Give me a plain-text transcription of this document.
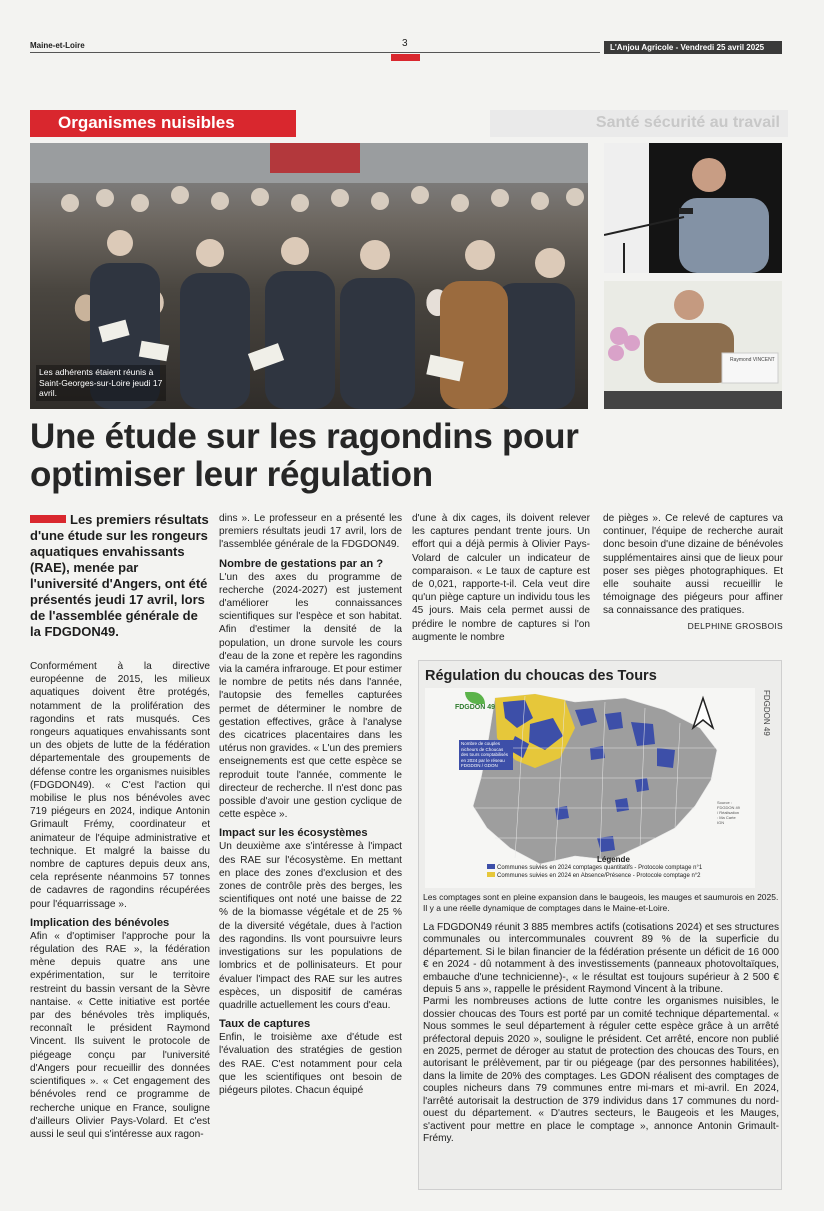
Maine-et-Loire	3	L'Anjou Agricole - Vendredi 25 avril 2025
Organismes nuisibles	Santé sécurité au travail
Les adhérents étaient réunis à Saint-Georges-sur-Loire jeudi 17 avril.
Raymond VINCENT
Une étude sur les ragondins pour optimiser leur régulation
Les premiers résultats d'une étude sur les rongeurs aquatiques envahissants (RAE), menée par l'université d'Angers, ont été présentés jeudi 17 avril, lors de l'assemblée générale de la FDGDON49.

Conformément à la directive européenne de 2015, les milieux aquatiques doivent être protégés, notamment de la prolifération des ragondins et rats musqués. Ces rongeurs aquatiques envahissants sont un des objets de lutte de la fédération départementale des groupements de défense contre les organismes nuisibles (FDGDON49). « C'est l'action qui mobilise le plus nos bénévoles avec 719 piégeurs en 2024, indique Antonin Grimault Frémy, coordinateur et animateur de l'équipe administrative et technique. Et malgré la baisse du nombre de captures depuis deux ans, cela représente néanmoins 57 tonnes de cadavres de ragondins récupérées pour l'équarrissage ».

Implication des bénévoles

Afin « d'optimiser l'approche pour la régulation des RAE », la fédération mène depuis quatre ans une expérimentation, sur le territoire restreint du bassin versant de la Sèvre nantaise. « Cette initiative est portée par des bénévoles très impliqués, reconnaît le président Raymond Vincent. Ils suivent le protocole de piégeage conçu par l'université d'Angers pour recueillir des données scientifiques ». « Cet engagement des bénévoles rend ce programme de recherche unique en France, souligne d'ailleurs Olivier Pays-Volard. Et c'est aussi le seul qui s'intéresse aux ragon-

dins ». Le professeur en a présenté les premiers résultats jeudi 17 avril, lors de l'assemblée générale de la FDGDON49.

Nombre de gestations par an ?

L'un des axes du programme de recherche (2024-2027) est justement d'améliorer les connaissances scientifiques sur l'espèce et son habitat. Afin d'estimer la densité de la population, un drone survole les cours d'eau de la zone et repère les ragondins via la caméra infrarouge. Et pour estimer le nombre de petits nés dans l'année, l'autopsie des femelles capturées permet de déterminer le nombre de gestation effectives, grâce à l'analyse des cicatrices placentaires dans les utérus non gravides. « L'un des premiers enseignements est que cette espèce se reproduit toute l'année, commente le directeur de recherche. Il n'est donc pas possible d'avoir une gestion cyclique de cette espèce ».

Impact sur les écosystèmes

Un deuxième axe s'intéresse à l'impact des RAE sur l'écosystème. En mettant en place des zones d'exclusion et des zones de contrôle près des berges, les scientifiques ont noté une baisse de 22 % de la biomasse végétale et de 25 % de la diversité végétale, dues à l'action des ragondins. Ils vont poursuivre leurs investigations sur les populations de lombrics et de pollinisateurs. Et pour évaluer l'impact des RAE sur les autres espèces, un dispositif de caméras quadrille actuellement les cours d'eau.

Taux de captures

Enfin, le troisième axe d'étude est l'évaluation des stratégies de gestion des RAE. C'est notamment pour cela que les scientifiques ont besoin de piégeurs pilotes. Chacun équipé

d'une à dix cages, ils doivent relever les captures pendant trente jours. Un effort qui a déjà permis à Olivier Pays-Volard de calculer un indicateur de comparaison. « Le taux de capture est de 0,021, rapporte-t-il. Cela veut dire qu'un piège capture un individu tous les 45 jours. Mais cela permet aussi de prédire le nombre de captures si l'on augmente le nombre

de pièges ». Ce relevé de captures va continuer, l'équipe de recherche aurait donc besoin d'une dizaine de bénévoles supplémentaires ainsi que de lieux pour poser ses pièges photographiques. Et elle souhaite aussi recueillir le témoignage des piégeurs pour affiner sa connaissance des pratiques.

DELPHINE GROSBOIS
Régulation du choucas des Tours
FDGDON 49
FDGDON 49
Nombre de couples nicheurs de Choucas des tours comptabilisés en 2024 par le réseau FDGDON / GDON
Source : FDGDON 49 / Réalisation : Ma Carte IGN
Légende
Communes suivies en 2024 comptages quantitatifs - Protocole comptage n°1
Communes suivies en 2024 en Absence/Présence - Protocole comptage n°2
Les comptages sont en pleine expansion dans le baugeois, les mauges et saumurois en 2025. Il y a une réelle dynamique de comptages dans le Maine-et-Loire.

La FDGDON49 réunit 3 885 membres actifs (cotisations 2024) et ses structures communales ou intercommunales couvrent 89 % de la superficie du département. Si le bilan financier de la fédération présente un déficit de 16 000 € en 2024 - dû notamment à des investissements (panneaux photovoltaïques, embauche d'une technicienne)-, « le résultat est toujours supérieur à 2 500 € depuis 5 ans », rappelle le président Raymond Vincent à la tribune.

Parmi les nombreuses actions de lutte contre les organismes nuisibles, le dossier choucas des Tours est porté par un comité technique départemental. « Nous sommes le seul département à réguler cette espèce grâce à un arrêté préfectoral depuis 2020 », souligne le président. Cet arrêté, encore non publié en 2025, permet de déroger au statut de protection des choucas des Tours, en autorisant le prélèvement, par tir ou piégeage (par des personnes habilitées), dans la limite de 20% des comptages. Les GDON réalisent des comptages de couples nicheurs dans 79 communes entre mi-mars et mi-avril. En 2024, l'arrêté autorisait la destruction de 379 individus dans 17 communes du nord-ouest du département. « D'autres secteurs, le Baugeois et les Mauges, s'activent pour mettre en place le comptage », annonce Antonin Grimault-Frémy.
